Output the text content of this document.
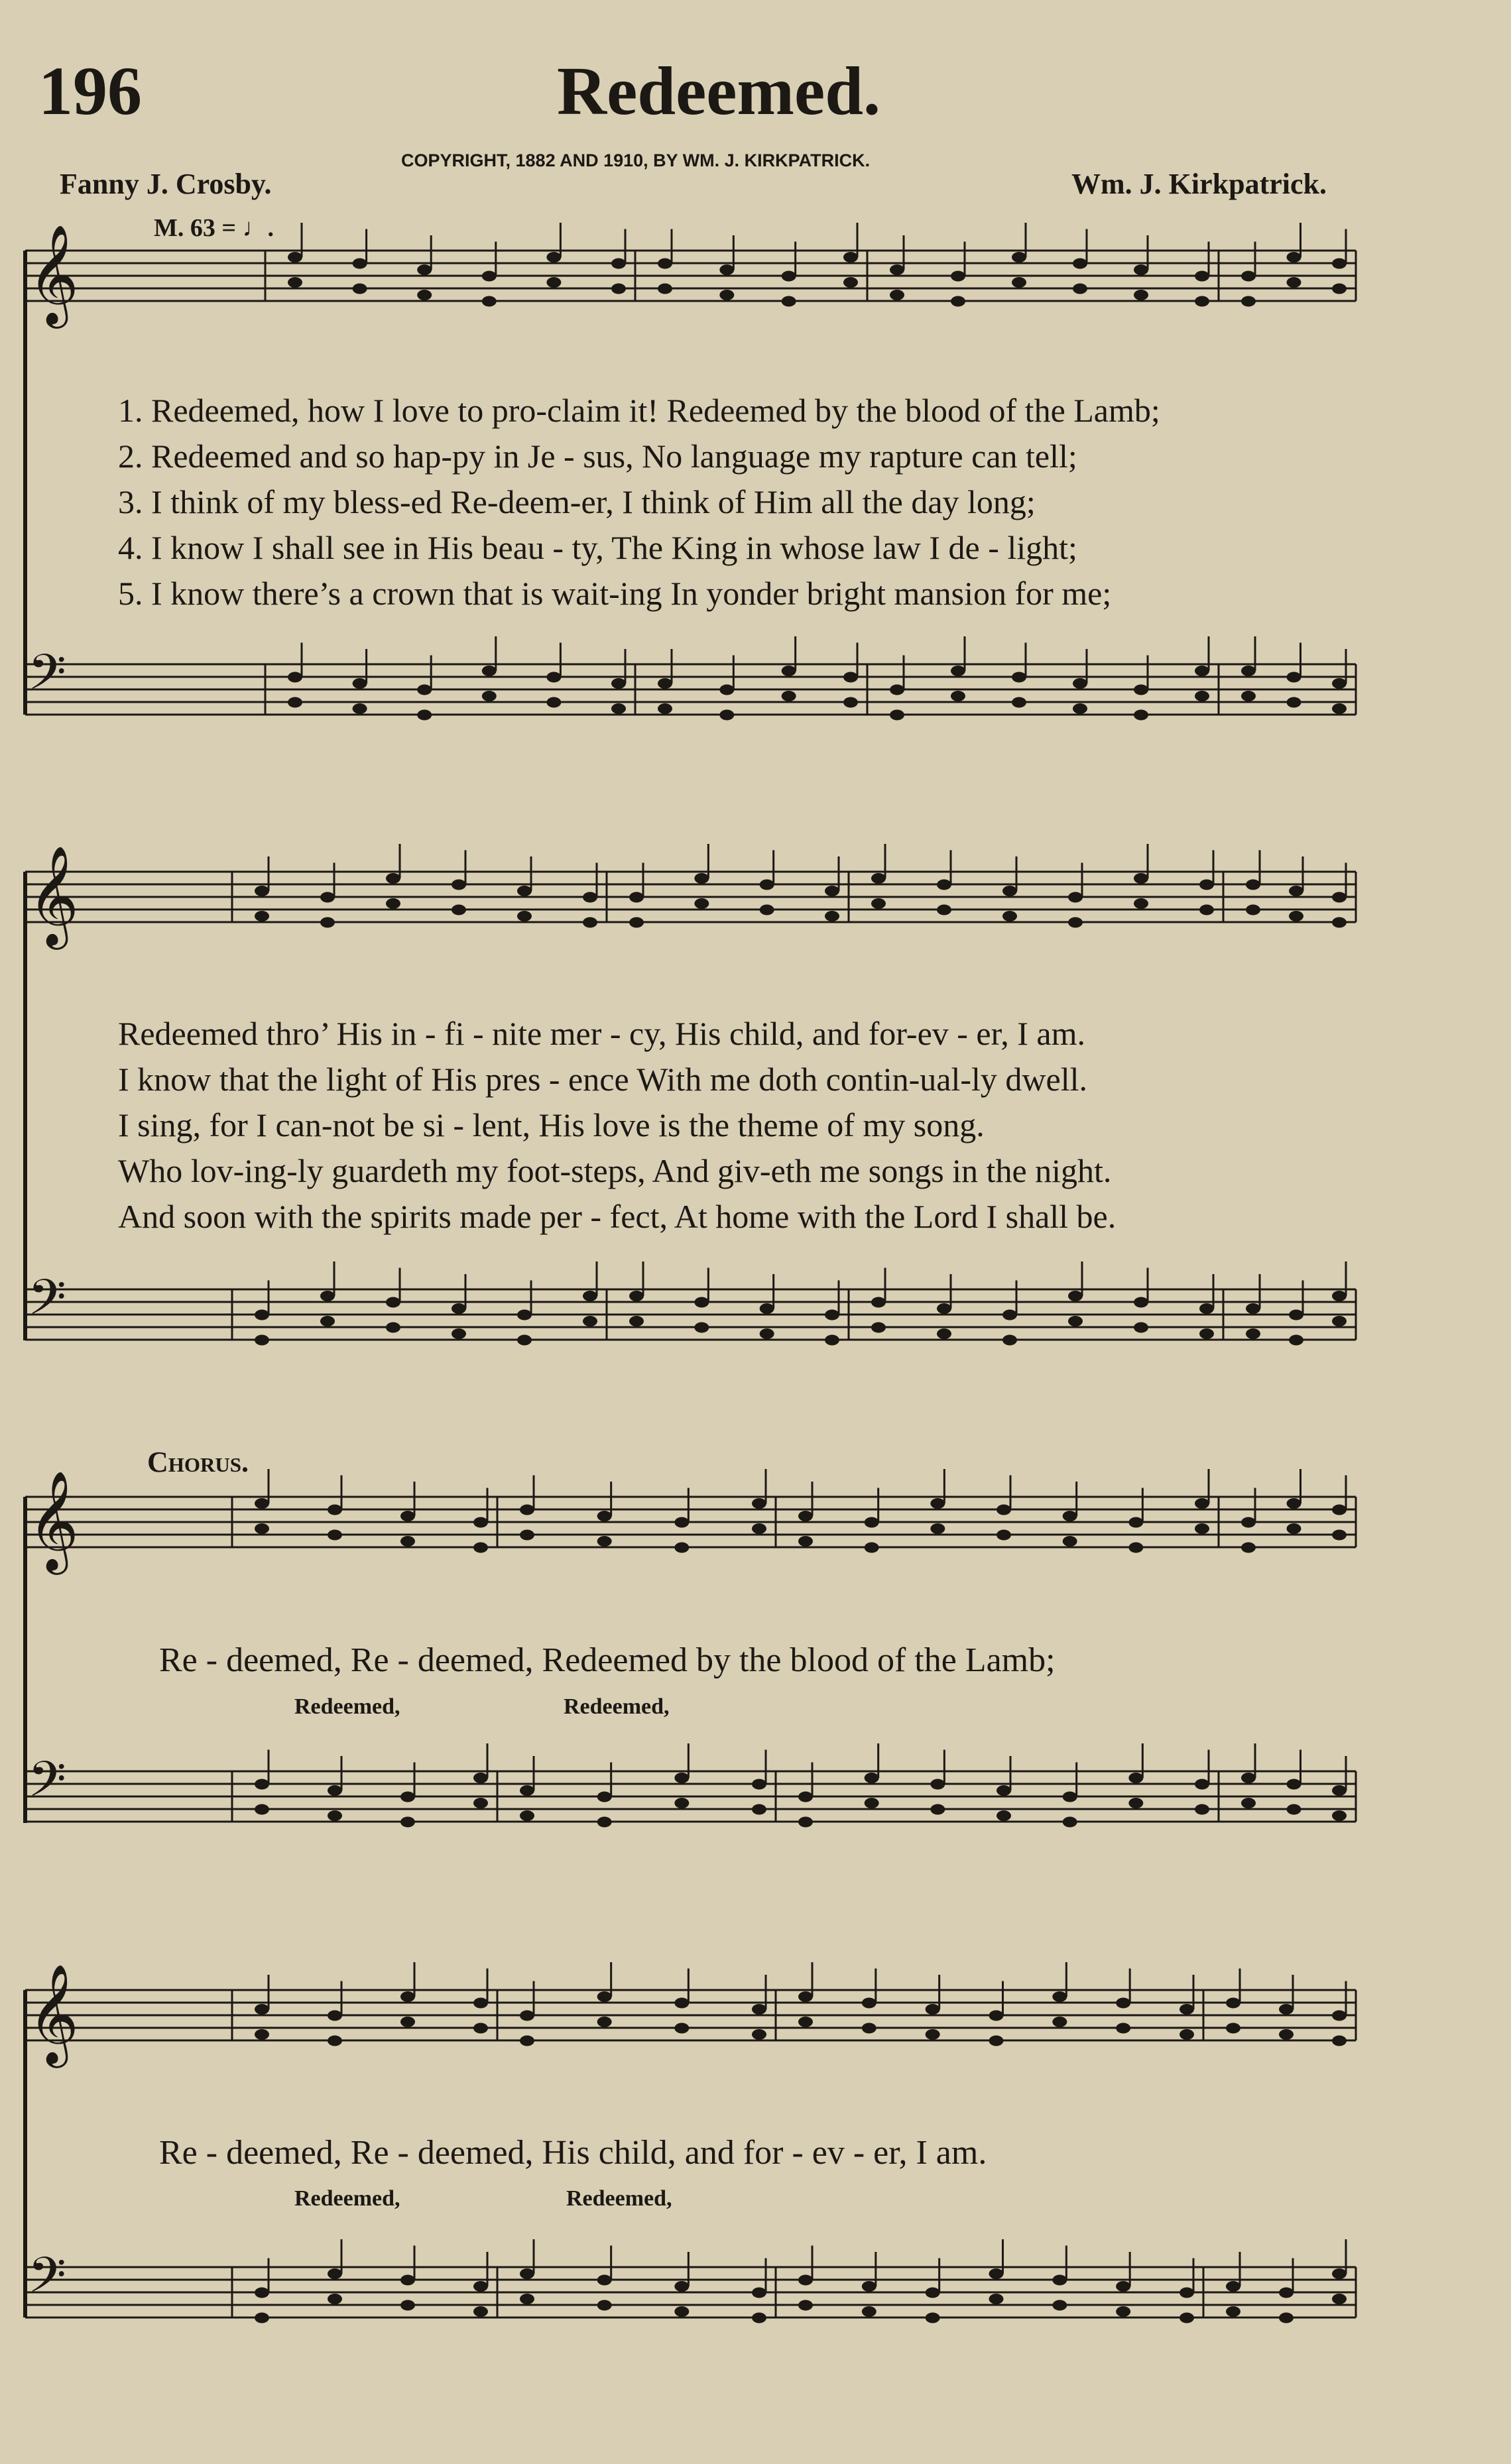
196	Redeemed.
COPYRIGHT, 1882 AND 1910, BY WM. J. KIRKPATRICK.
Fanny J. Crosby.	Wm. J. Kirkpatrick.
M. 63 = ♩.
𝄞
𝄢
𝄞
𝄢
𝄞
𝄢
𝄞
𝄢
1. Redeemed, how I love to pro-claim it! Redeemed by the blood of the Lamb;
2. Redeemed and so hap-py in Je - sus, No language my rapture can tell;
3. I think of my bless-ed Re-deem-er, I think of Him all the day long;
4. I know I shall see in His beau - ty, The King in whose law I de - light;
5. I know there’s a crown that is wait-ing In yonder bright mansion for me;
Redeemed thro’ His in - fi - nite mer - cy, His child, and for-ev - er, I am.
I know that the light of His pres - ence With me doth contin-ual-ly dwell.
I sing, for I can-not be si - lent, His love is the theme of my song.
Who lov-ing-ly guardeth my foot-steps, And giv-eth me songs in the night.
And soon with the spirits made per - fect, At home with the Lord I shall be.
Chorus.
Re - deemed, Re - deemed, Redeemed by the blood of the Lamb;
Redeemed,	Redeemed,
Re - deemed, Re - deemed, His child, and for - ev - er, I am.
Redeemed,	Redeemed,
